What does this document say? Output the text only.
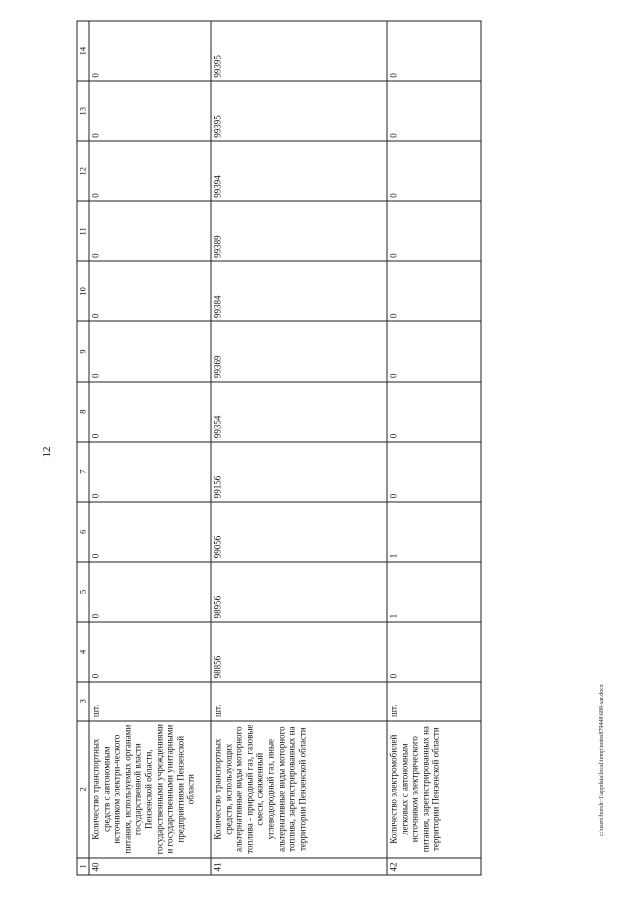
12
1	2	3	4	5	6	7	8	9	10	11	12	13	14
40	Количество транспортных средств с автономным источником электри-ческого питания, используемых органами государственной власти Пензенской области, государственными учреждениями и государственными унитарными предприятиями Пензенской области	шт.	0	0	0	0	0	0	0	0	0	0	0
41	Количество транспортных средств, использующих альтернативные виды моторного топлива - природный газ, газовые смеси, сжиженный углеводородный газ, иные альтернативные виды моторного топлива, зарегистрированных на территории Пензенской области	шт.	98856	98956	99056	99156	99354	99369	99384	99389	99394	99395	99395
42	Количество электромобилей легковых с автономным источником электрического питания, зарегистрированных на территории Пензенской области	шт.	0	1	1	0	0	0	0	0	0	0	0
c:\users\borsh~1\appdata\local\temp\notes879448\688-sar.docx
